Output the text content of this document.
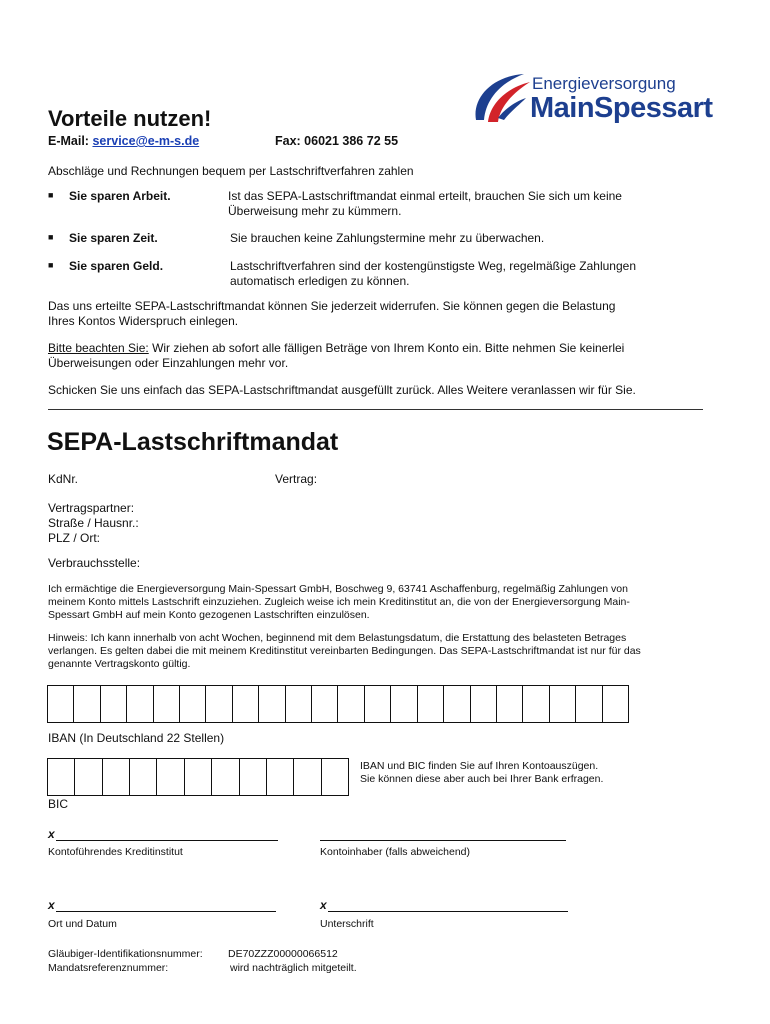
Energieversorgung
MainSpessart
Vorteile nutzen!
E-Mail: service@e-m-s.de	Fax: 06021 386 72 55
Abschläge und Rechnungen bequem per Lastschriftverfahren zahlen
■ Sie sparen Arbeit.	Ist das SEPA-Lastschriftmandat einmal erteilt, brauchen Sie sich um keine
Überweisung mehr zu kümmern.
■ Sie sparen Zeit.	Sie brauchen keine Zahlungstermine mehr zu überwachen.
■ Sie sparen Geld.	Lastschriftverfahren sind der kostengünstigste Weg, regelmäßige Zahlungen
automatisch erledigen zu können.
Das uns erteilte SEPA-Lastschriftmandat können Sie jederzeit widerrufen. Sie können gegen die Belastung
Ihres Kontos Widerspruch einlegen.
Bitte beachten Sie: Wir ziehen ab sofort alle fälligen Beträge von Ihrem Konto ein. Bitte nehmen Sie keinerlei
Überweisungen oder Einzahlungen mehr vor.
Schicken Sie uns einfach das SEPA-Lastschriftmandat ausgefüllt zurück. Alles Weitere veranlassen wir für Sie.
SEPA-Lastschriftmandat
KdNr.	Vertrag:
Vertragspartner:
Straße / Hausnr.:
PLZ / Ort:
Verbrauchsstelle:
Ich ermächtige die Energieversorgung Main-Spessart GmbH, Boschweg 9, 63741 Aschaffenburg, regelmäßig Zahlungen von
meinem Konto mittels Lastschrift einzuziehen. Zugleich weise ich mein Kreditinstitut an, die von der Energieversorgung Main-
Spessart GmbH auf mein Konto gezogenen Lastschriften einzulösen.
Hinweis: Ich kann innerhalb von acht Wochen, beginnend mit dem Belastungsdatum, die Erstattung des belasteten Betrages
verlangen. Es gelten dabei die mit meinem Kreditinstitut vereinbarten Bedingungen. Das SEPA-Lastschriftmandat ist nur für das
genannte Vertragskonto gültig.
IBAN (In Deutschland 22 Stellen)
IBAN und BIC finden Sie auf Ihren Kontoauszügen.
Sie können diese aber auch bei Ihrer Bank erfragen.
BIC
x
Kontoführendes Kreditinstitut	Kontoinhaber (falls abweichend)
x
Ort und Datum
x
Unterschrift
Gläubiger-Identifikationsnummer: DE70ZZZ00000066512
Mandatsreferenznummer:	wird nachträglich mitgeteilt.
